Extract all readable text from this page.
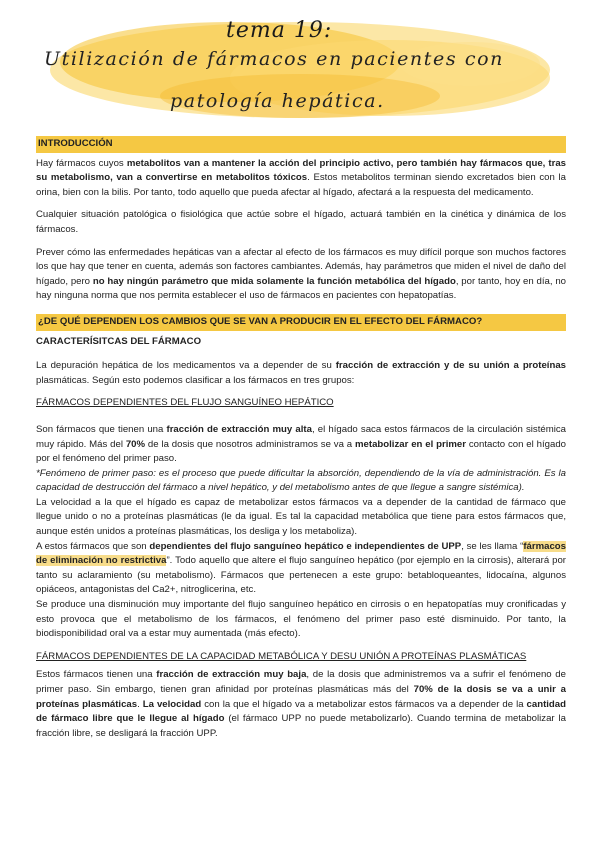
tema 19:
Utilización de fármacos en pacientes con
patología hepática.
INTRODUCCIÓN

Hay fármacos cuyos metabolitos van a mantener la acción del principio activo, pero también hay fármacos que, tras su metabolismo, van a convertirse en metabolitos tóxicos. Estos metabolitos terminan siendo excretados bien con la orina, bien con la bilis. Por tanto, todo aquello que pueda afectar al hígado, afectará a la respuesta del medicamento.

Cualquier situación patológica o fisiológica que actúe sobre el hígado, actuará también en la cinética y dinámica de los fármacos.

Prever cómo las enfermedades hepáticas van a afectar al efecto de los fármacos es muy difícil porque son muchos factores los que hay que tener en cuenta, además son factores cambiantes. Además, hay parámetros que miden el nivel de daño del hígado, pero no hay ningún parámetro que mida solamente la función metabólica del hígado, por tanto, hoy en día, no hay ninguna norma que nos permita establecer el uso de fármacos en pacientes con hepatopatías.

¿DE QUÉ DEPENDEN LOS CAMBIOS QUE SE VAN A PRODUCIR EN EL EFECTO DEL FÁRMACO?
CARACTERÍSITCAS DEL FÁRMACO

La depuración hepática de los medicamentos va a depender de su fracción de extracción y de su unión a proteínas plasmáticas. Según esto podemos clasificar a los fármacos en tres grupos:

FÁRMACOS DEPENDIENTES DEL FLUJO SANGUÍNEO HEPÁTICO

Son fármacos que tienen una fracción de extracción muy alta, el hígado saca estos fármacos de la circulación sistémica muy rápido. Más del 70% de la dosis que nosotros administramos se va a metabolizar en el primer contacto con el hígado por el fenómeno del primer paso.

*Fenómeno de primer paso: es el proceso que puede dificultar la absorción, dependiendo de la vía de administración. Es la capacidad de destrucción del fármaco a nivel hepático, y del metabolismo antes de que llegue a sangre sistémica).

La velocidad a la que el hígado es capaz de metabolizar estos fármacos va a depender de la cantidad de fármaco que llegue unido o no a proteínas plasmáticas (le da igual. Es tal la capacidad metabólica que tiene para estos fármacos que, aunque estén unidos a proteínas plasmáticas, los desliga y los metaboliza).

A estos fármacos que son dependientes del flujo sanguíneo hepático e independientes de UPP, se les llama “fármacos de eliminación no restrictiva”. Todo aquello que altere el flujo sanguíneo hepático (por ejemplo en la cirrosis), alterará por tanto su aclaramiento (su metabolismo). Fármacos que pertenecen a este grupo: betabloqueantes, lidocaína, algunos opiáceos, antagonistas del Ca2+, nitroglicerina, etc.

Se produce una disminución muy importante del flujo sanguíneo hepático en cirrosis o en hepatopatías muy cronificadas y esto provoca que el metabolismo de los fármacos, el fenómeno del primer paso esté disminuido. Por tanto, la biodisponibilidad oral va a estar muy aumentada (más efecto).

FÁRMACOS DEPENDIENTES DE LA CAPACIDAD METABÓLICA Y DESU UNIÓN A PROTEÍNAS PLASMÁTICAS

Estos fármacos tienen una fracción de extracción muy baja, de la dosis que administremos va a sufrir el fenómeno de primer paso. Sin embargo, tienen gran afinidad por proteínas plasmáticas más del 70% de la dosis se va a unir a proteínas plasmáticas. La velocidad con la que el hígado va a metabolizar estos fármacos va a depender de la cantidad de fármaco libre que le llegue al hígado (el fármaco UPP no puede metabolizarlo). Cuando termina de metabolizar la fracción libre, se desligará la fracción UPP.
